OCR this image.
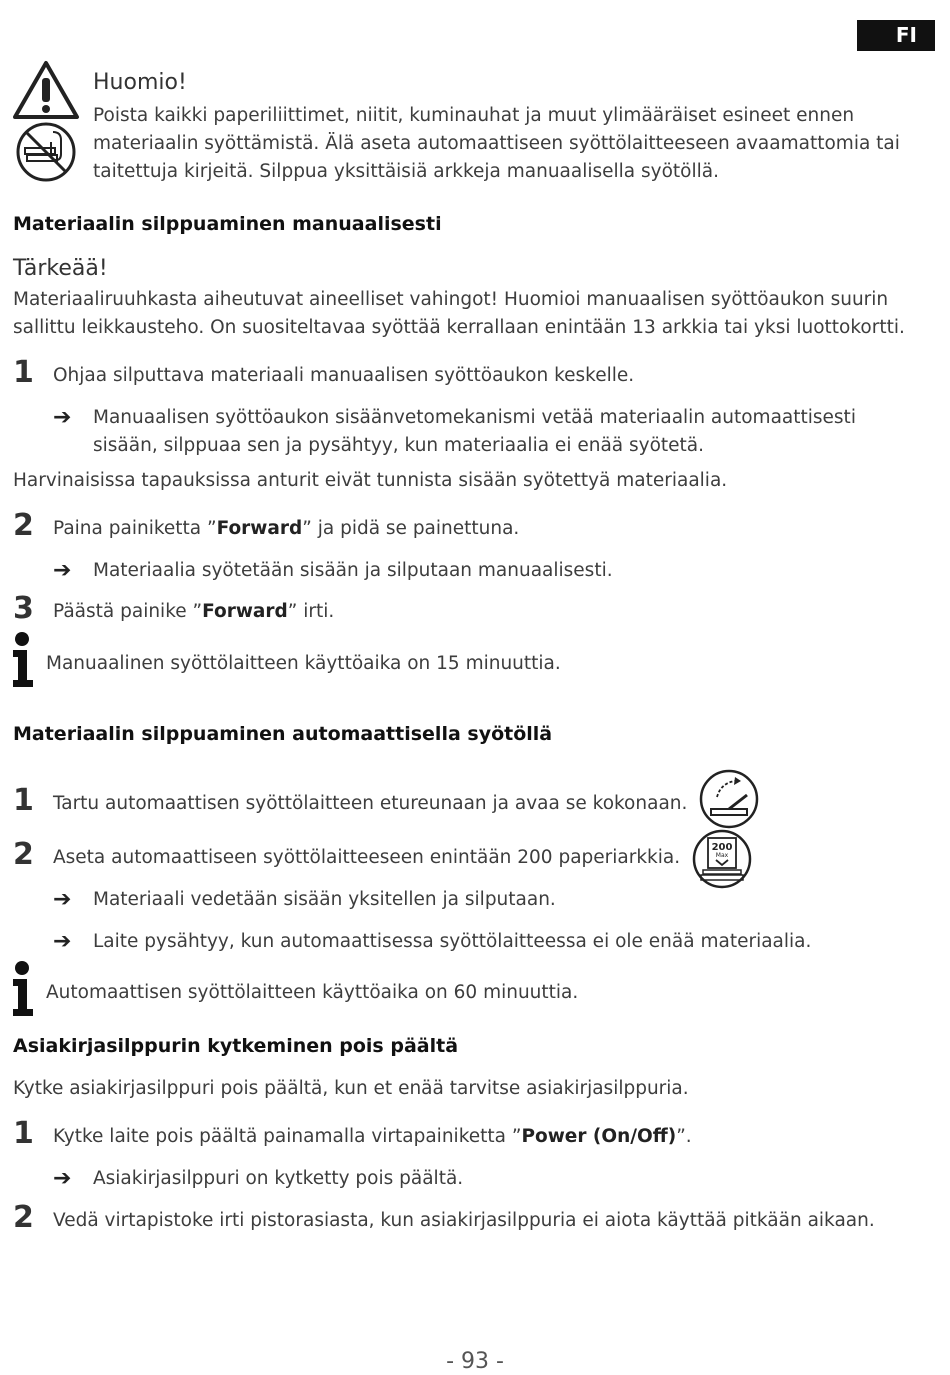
FI
Huomio!
Poista kaikki paperiliittimet, niitit, kuminauhat ja muut ylimääräiset esineet ennen
materiaalin syöttämistä. Älä aseta automaattiseen syöttölaitteeseen avaamattomia tai
taitettuja kirjeitä. Silppua yksittäisiä arkkeja manuaalisella syötöllä.
Materiaalin silppuaminen manuaalisesti
Tärkeää!
Materiaaliruuhkasta aiheutuvat aineelliset vahingot! Huomioi manuaalisen syöttöaukon suurin
sallittu leikkausteho. On suositeltavaa syöttää kerrallaan enintään 13 arkkia tai yksi luottokortti.
1 Ohjaa silputtava materiaali manuaalisen syöttöaukon keskelle.
➔ Manuaalisen syöttöaukon sisäänvetomekanismi vetää materiaalin automaattisesti
sisään, silppuaa sen ja pysähtyy, kun materiaalia ei enää syötetä.
Harvinaisissa tapauksissa anturit eivät tunnista sisään syötettyä materiaalia.
2 Paina painiketta ”Forward” ja pidä se painettuna.
➔ Materiaalia syötetään sisään ja silputaan manuaalisesti.
3 Päästä painike ”Forward” irti.
Manuaalinen syöttölaitteen käyttöaika on 15 minuuttia.
Materiaalin silppuaminen automaattisella syötöllä
1 Tartu automaattisen syöttölaitteen etureunaan ja avaa se kokonaan.
2 Aseta automaattiseen syöttölaitteeseen enintään 200 paperiarkkia.	200
Max
➔ Materiaali vedetään sisään yksitellen ja silputaan.
➔ Laite pysähtyy, kun automaattisessa syöttölaitteessa ei ole enää materiaalia.
Automaattisen syöttölaitteen käyttöaika on 60 minuuttia.
Asiakirjasilppurin kytkeminen pois päältä
Kytke asiakirjasilppuri pois päältä, kun et enää tarvitse asiakirjasilppuria.
1 Kytke laite pois päältä painamalla virtapainiketta ”Power (On/Off)”.
➔ Asiakirjasilppuri on kytketty pois päältä.
2 Vedä virtapistoke irti pistorasiasta, kun asiakirjasilppuria ei aiota käyttää pitkään aikaan.
- 93 -
